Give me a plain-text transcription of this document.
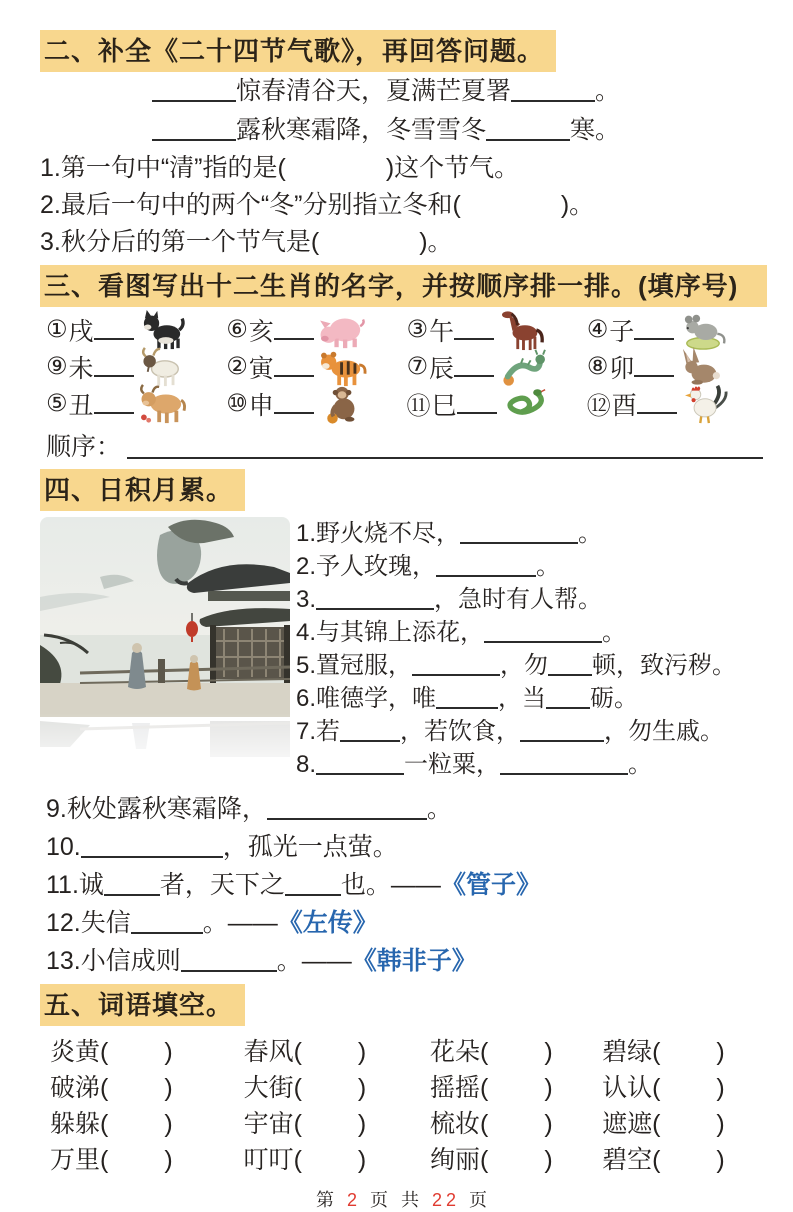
二、补全《二十四节气歌》，再回答问题。
惊春清谷天，夏满芒夏署	。
露秋寒霜降，冬雪雪冬	寒。
1.第一句中“清”指的是(	)这个节气。
2.最后一句中的两个“冬”分别指立冬和(	)。
3.秋分后的第一个节气是(	)。
三、看图写出十二生肖的名字，并按顺序排一排。(填序号)
① 戌	⑥ 亥	③ 午	④ 子
⑨ 未	② 寅	⑦ 辰	⑧ 卯
⑤ 丑	⑩ 申	⑪ 巳	⑫ 酉
顺序：
四、日积月累。
1.野火烧不尽，	。
2.予人玫瑰，	。
3.	，急时有人帮。
4.与其锦上添花，	。
5.置冠服，	，勿 顿，致污秽。
6.唯德学，唯	，当 砺。
7.若	，若饮食，	，勿生戚。
8.	一粒粟，	。
9.秋处露秋寒霜降，	。
10.	，孤光一点萤。
11.诚 者，天下之 也。——《管子》
12.失信	。——《左传》
13.小信成则	。——《韩非子》
五、词语填空。
炎黄( )	春风( )	花朵( )	碧绿( )
破涕( )	大街( )	摇摇( )	认认( )
躲躲( )	宇宙( )	梳妆( )	遮遮( )
万里( )	叮叮( )	绚丽( )	碧空( )
第 2 页 共 22 页
